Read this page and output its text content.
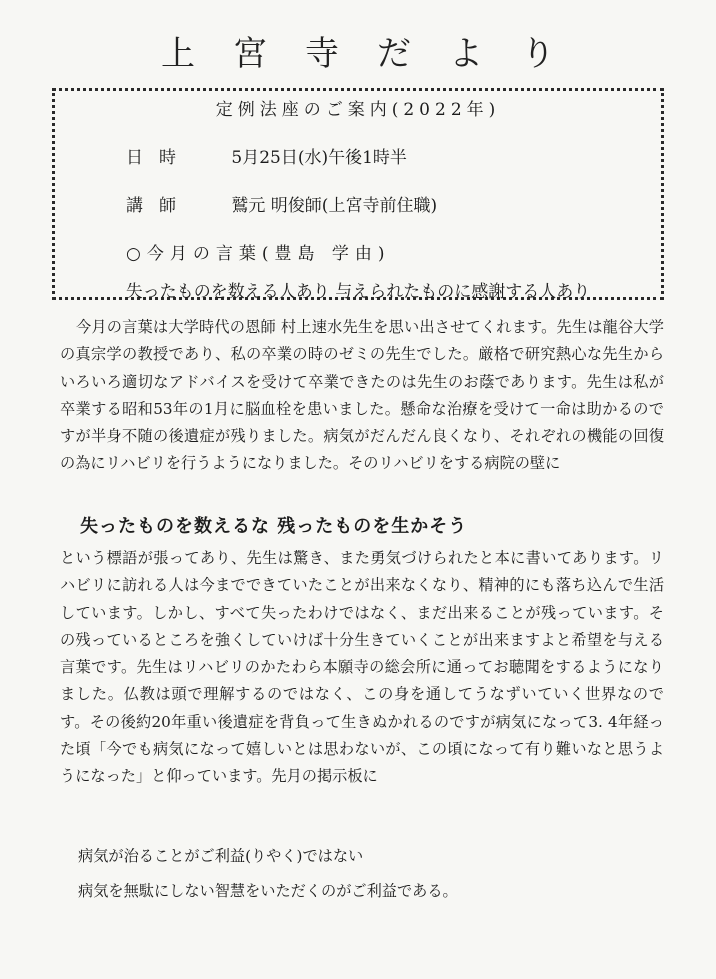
上宮寺だより
定例法座のご案内(2022年)
日時 5月25日(水)午後1時半
講師 鷲元 明俊師(上宮寺前住職)
○今月の言葉(豊島 学由)
失ったものを数える人あり 与えられたものに感謝する人あり

今月の言葉は大学時代の恩師 村上速水先生を思い出させてくれます。先生は龍谷大学の真宗学の教授であり、私の卒業の時のゼミの先生でした。厳格で研究熱心な先生からいろいろ適切なアドバイスを受けて卒業できたのは先生のお蔭であります。先生は私が卒業する昭和53年の1月に脳血栓を患いました。懸命な治療を受けて一命は助かるのですが半身不随の後遺症が残りました。病気がだんだん良くなり、それぞれの機能の回復の為にリハビリを行うようになりました。そのリハビリをする病院の壁に

失ったものを数えるな 残ったものを生かそう

という標語が張ってあり、先生は驚き、また勇気づけられたと本に書いてあります。リハビリに訪れる人は今までできていたことが出来なくなり、精神的にも落ち込んで生活しています。しかし、すべて失ったわけではなく、まだ出来ることが残っています。その残っているところを強くしていけば十分生きていくことが出来ますよと希望を与える言葉です。先生はリハビリのかたわら本願寺の総会所に通ってお聴聞をするようになりました。仏教は頭で理解するのではなく、この身を通してうなずいていく世界なのです。その後約20年重い後遺症を背負って生きぬかれるのですが病気になって3. 4年経った頃「今でも病気になって嬉しいとは思わないが、この頃になって有り難いなと思うようになった」と仰っています。先月の掲示板に

病気が治ることがご利益(りやく)ではない
病気を無駄にしない智慧をいただくのがご利益である。
